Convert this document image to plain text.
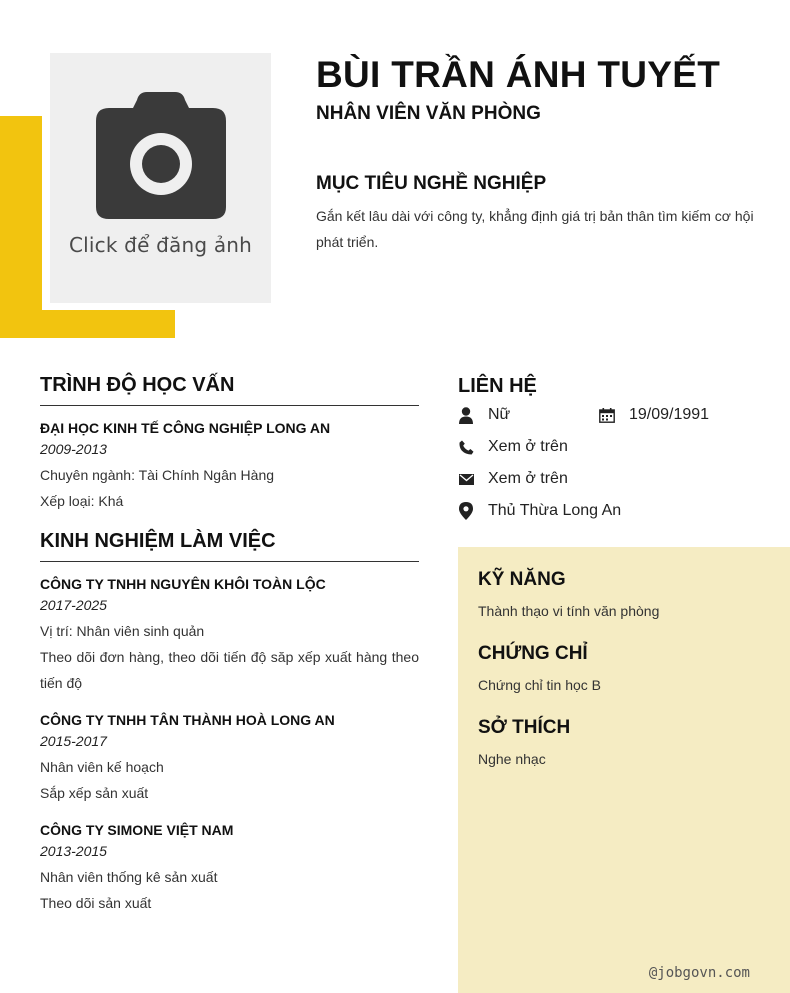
Click để đăng ảnh
BÙI TRẦN ÁNH TUYẾT
NHÂN VIÊN VĂN PHÒNG
MỤC TIÊU NGHỀ NGHIỆP
Gắn kết lâu dài với công ty, khẳng định giá trị bản thân tìm kiếm cơ hội phát triển.
TRÌNH ĐỘ HỌC VẤN
ĐẠI HỌC KINH TẾ CÔNG NGHIỆP LONG AN
2009-2013
Chuyên ngành: Tài Chính Ngân Hàng
Xếp loại: Khá
KINH NGHIỆM LÀM VIỆC
CÔNG TY TNHH NGUYÊN KHÔI TOÀN LỘC
2017-2025
Vị trí: Nhân viên sinh quản
Theo dõi đơn hàng, theo dõi tiến độ săp xếp xuất hàng theo tiến độ
CÔNG TY TNHH TÂN THÀNH HOÀ LONG AN
2015-2017
Nhân viên kế hoạch
Sắp xếp sản xuất
CÔNG TY SIMONE VIỆT NAM
2013-2015
Nhân viên thống kê sản xuất
Theo dõi sản xuất
LIÊN HỆ
Nữ	19/09/1991
Xem ở trên
Xem ở trên
Thủ Thừa Long An
KỸ NĂNG
Thành thạo vi tính văn phòng
CHỨNG CHỈ
Chứng chỉ tin học B
SỞ THÍCH
Nghe nhạc
@jobgovn.com
